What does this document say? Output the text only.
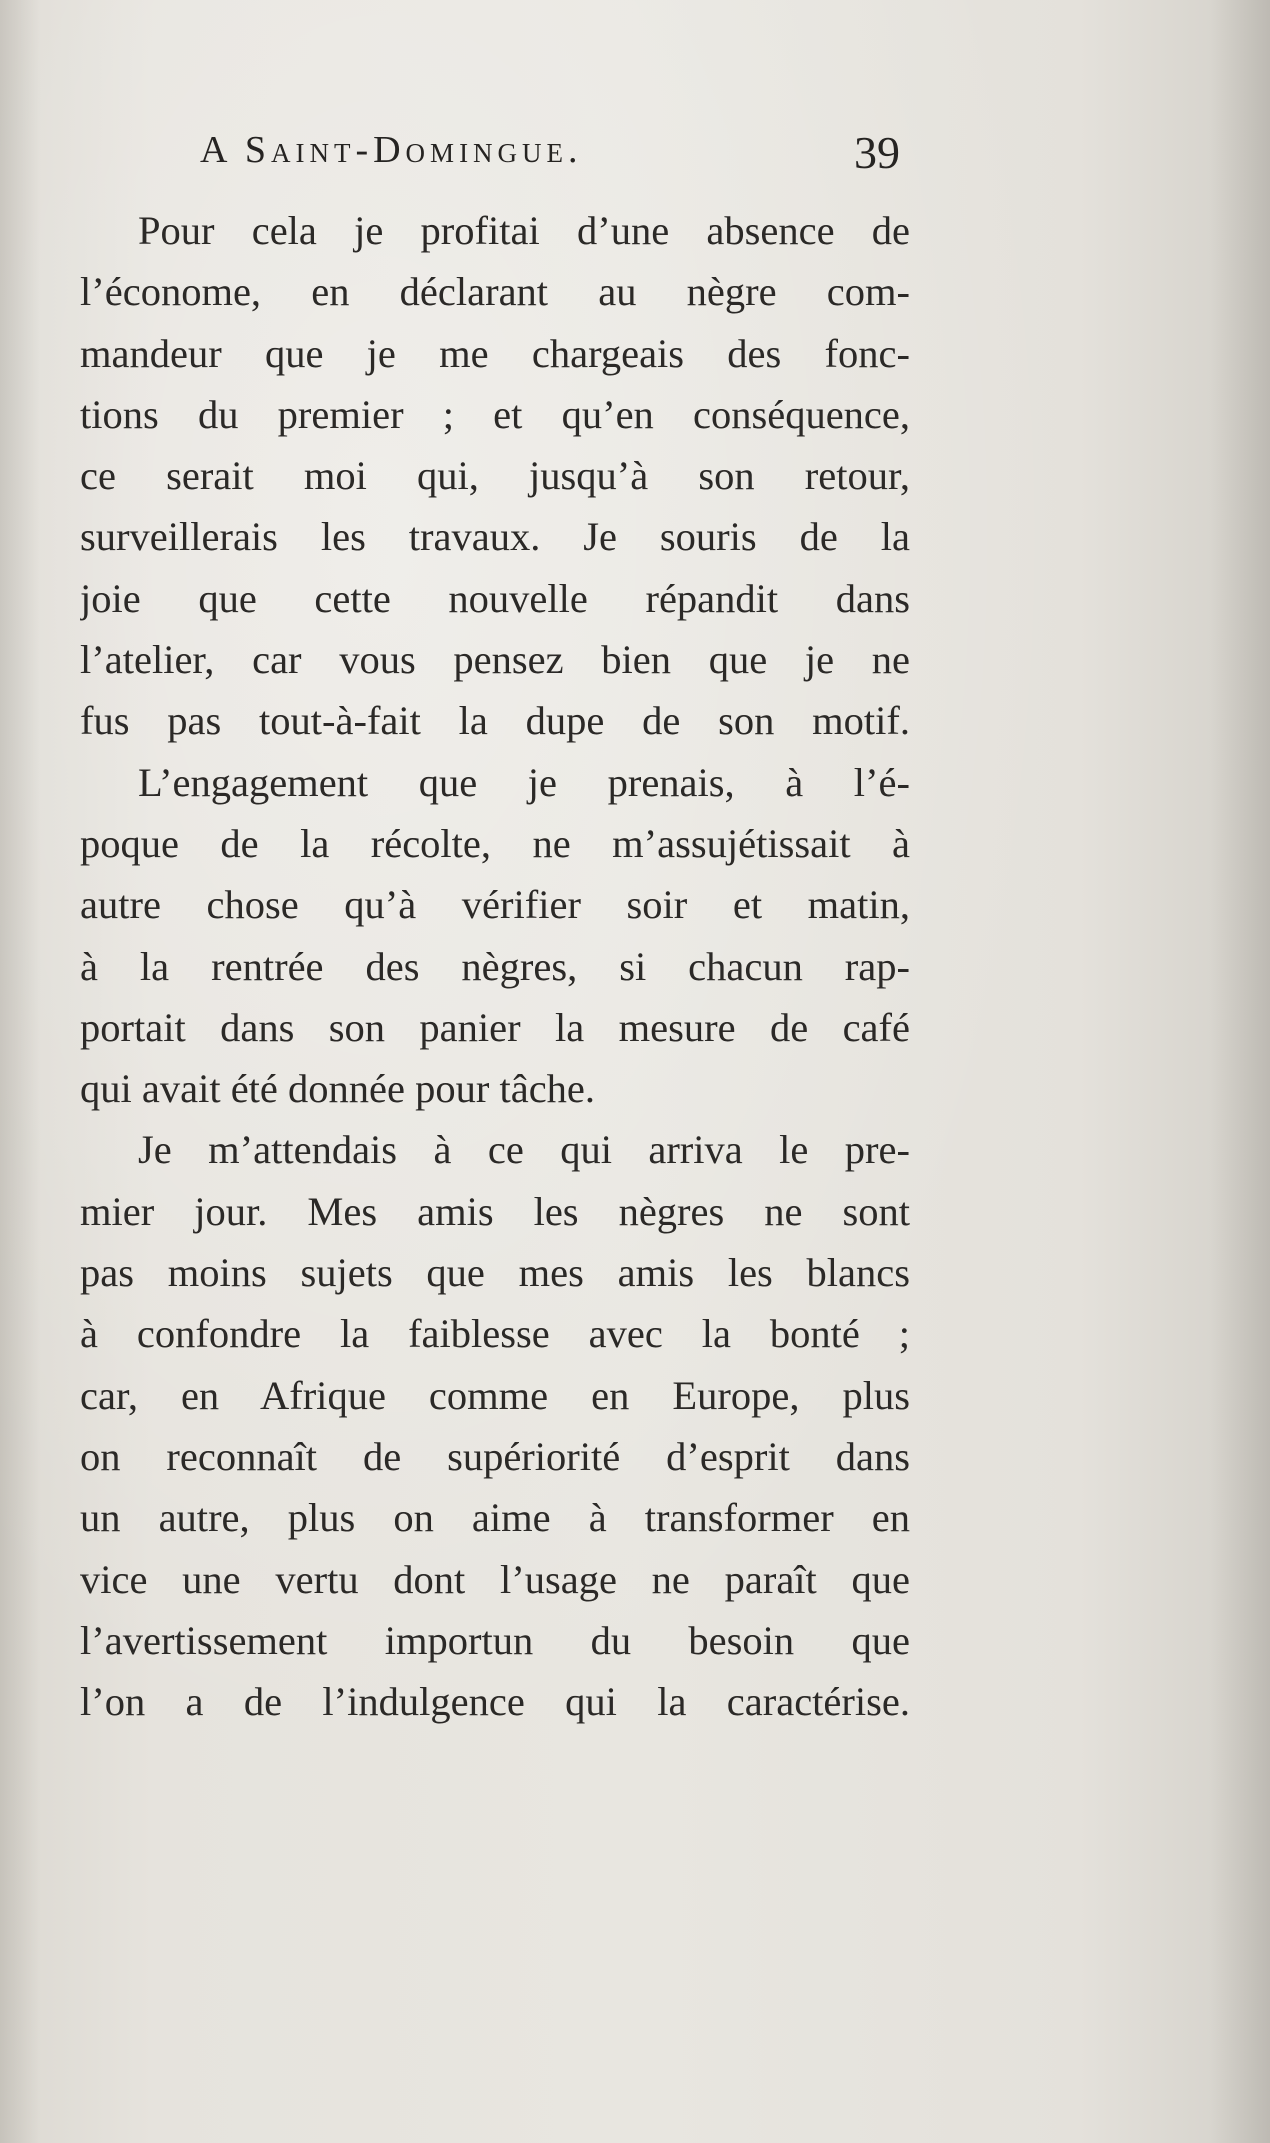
A Saint-Domingue.	39
Pour cela je profitai d’une absence de
l’économe, en déclarant au nègre com-
mandeur que je me chargeais des fonc-
tions du premier ; et qu’en conséquence,
ce serait moi qui, jusqu’à son retour,
surveillerais les travaux. Je souris de la
joie que cette nouvelle répandit dans
l’atelier, car vous pensez bien que je ne
fus pas tout-à-fait la dupe de son motif.
L’engagement que je prenais, à l’é-
poque de la récolte, ne m’assujétissait à
autre chose qu’à vérifier soir et matin,
à la rentrée des nègres, si chacun rap-
portait dans son panier la mesure de café
qui avait été donnée pour tâche.
Je m’attendais à ce qui arriva le pre-
mier jour. Mes amis les nègres ne sont
pas moins sujets que mes amis les blancs
à confondre la faiblesse avec la bonté ;
car, en Afrique comme en Europe, plus
on reconnaît de supériorité d’esprit dans
un autre, plus on aime à transformer en
vice une vertu dont l’usage ne paraît que
l’avertissement importun du besoin que
l’on a de l’indulgence qui la caractérise.
